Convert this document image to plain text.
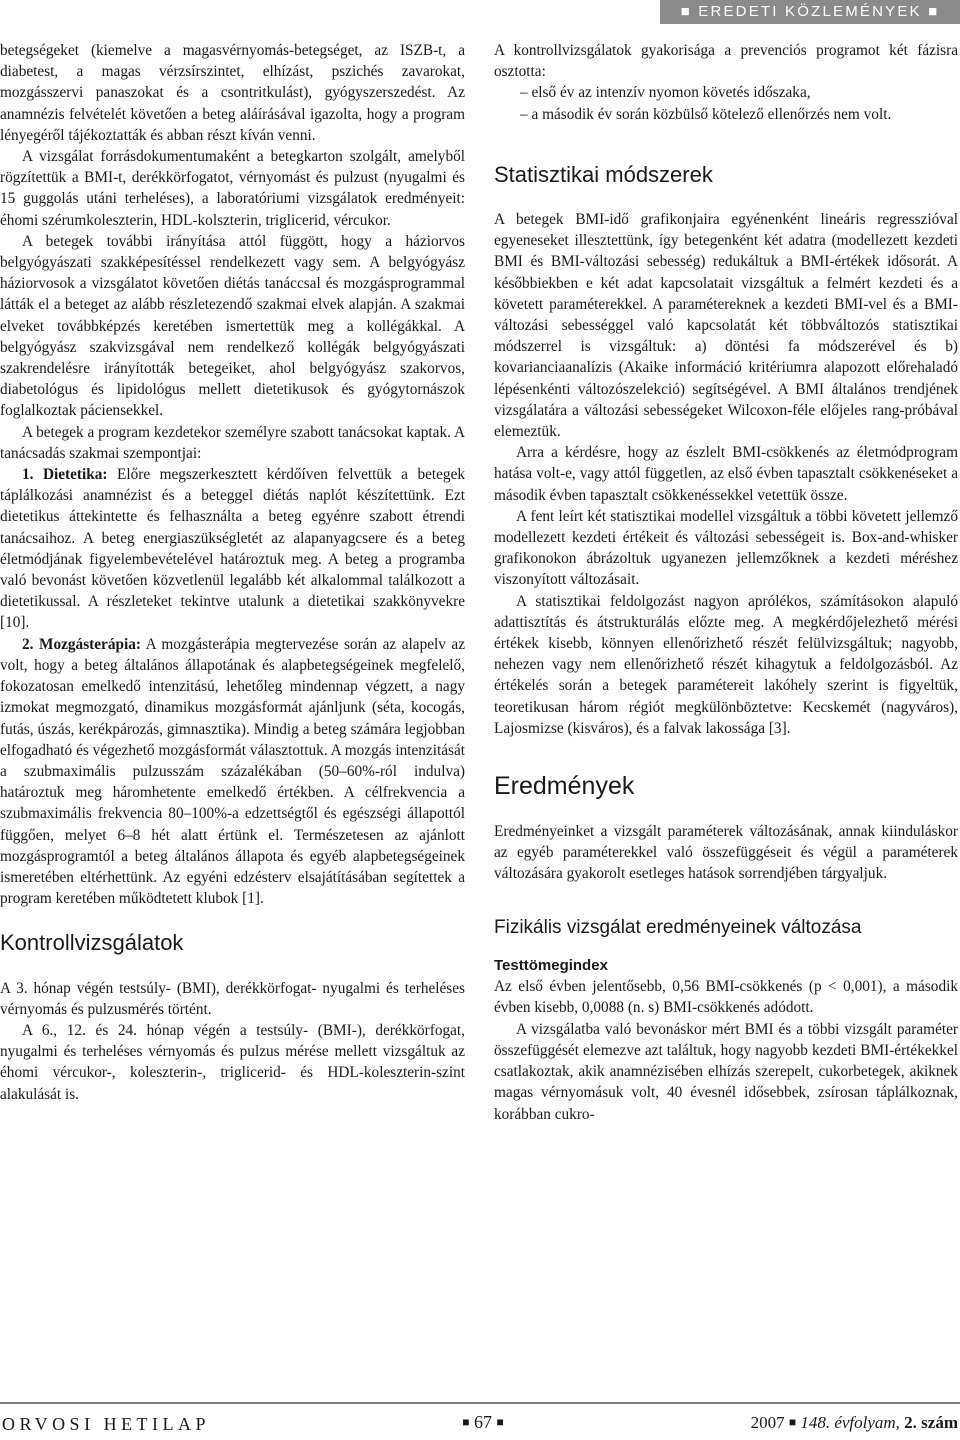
■ EREDETI KÖZLEMÉNYEK ■

betegségeket (kiemelve a magasvérnyomás-betegséget, az ISZB-t, a diabetest, a magas vérzsírszintet, elhízást, pszichés zavarokat, mozgásszervi panaszokat és a csontritkulást), gyógyszerszedést. Az anamnézis felvételét követően a beteg aláírásával igazolta, hogy a program lényegéről tájékoztatták és abban részt kíván venni.

A vizsgálat forrásdokumentumaként a betegkarton szolgált, amelyből rögzítettük a BMI-t, derékkörfogatot, vérnyomást és pulzust (nyugalmi és 15 guggolás utáni terheléses), a laboratóriumi vizsgálatok eredményeit: éhomi szérumkoleszterin, HDL-kolszterin, triglicerid, vércukor.

A betegek további irányítása attól függött, hogy a háziorvos belgyógyászati szakképesítéssel rendelkezett vagy sem. A belgyógyász háziorvosok a vizsgálatot követően diétás tanáccsal és mozgásprogrammal látták el a beteget az alább részletezendő szakmai elvek alapján. A szakmai elveket továbbképzés keretében ismertettük meg a kollégákkal. A belgyógyász szakvizsgával nem rendelkező kollégák belgyógyászati szakrendelésre irányították betegeiket, ahol belgyógyász szakorvos, diabetológus és lipidológus mellett dietetikusok és gyógytornászok foglalkoztak páciensekkel.

A betegek a program kezdetekor személyre szabott tanácsokat kaptak. A tanácsadás szakmai szempontjai:

1. Dietetika: Előre megszerkesztett kérdőíven felvettük a betegek táplálkozási anamnézist és a beteggel diétás naplót készítettünk. Ezt dietetikus áttekintette és felhasználta a beteg egyénre szabott étrendi tanácsaihoz. A beteg energiaszükségletét az alapanyagcsere és a beteg életmódjának figyelembevételével határoztuk meg. A beteg a programba való bevonást követően közvetlenül legalább két alkalommal találkozott a dietetikussal. A részleteket tekintve utalunk a dietetikai szakkönyvekre [10].

2. Mozgásterápia: A mozgásterápia megtervezése során az alapelv az volt, hogy a beteg általános állapotának és alapbetegségeinek megfelelő, fokozatosan emelkedő intenzitású, lehetőleg mindennap végzett, a nagy izmokat megmozgató, dinamikus mozgásformát ajánljunk (séta, kocogás, futás, úszás, kerékpározás, gimnasztika). Mindig a beteg számára legjobban elfogadható és végezhető mozgásformát választottuk. A mozgás intenzitását a szubmaximális pulzusszám százalékában (50–60%-ról indulva) határoztuk meg háromhetente emelkedő értékben. A célfrekvencia a szubmaximális frekvencia 80–100%-a edzettségtől és egészségi állapottól függően, melyet 6–8 hét alatt értünk el. Természetesen az ajánlott mozgásprogramtól a beteg általános állapota és egyéb alapbetegségeinek ismeretében eltérhettünk. Az egyéni edzésterv elsajátításában segítettek a program keretében működtetett klubok [1].

Kontrollvizsgálatok

A 3. hónap végén testsúly- (BMI), derékkörfogat- nyugalmi és terheléses vérnyomás és pulzusmérés történt.

A 6., 12. és 24. hónap végén a testsúly- (BMI-), derékkörfogat, nyugalmi és terheléses vérnyomás és pulzus mérése mellett vizsgáltuk az éhomi vércukor-, koleszterin-, triglicerid- és HDL-koleszterin-szint alakulását is.

A kontrollvizsgálatok gyakorisága a prevenciós programot két fázisra osztotta:

– első év az intenzív nyomon követés időszaka,

– a második év során közbülső kötelező ellenőrzés nem volt.

Statisztikai módszerek

A betegek BMI-idő grafikonjaira egyénenként lineáris regresszióval egyeneseket illesztettünk, így betegenként két adatra (modellezett kezdeti BMI és BMI-változási sebesség) redukáltuk a BMI-értékek idősorát. A későbbiekben e két adat kapcsolatait vizsgáltuk a felmért kezdeti és a követett paraméterekkel. A paramétereknek a kezdeti BMI-vel és a BMI-változási sebességgel való kapcsolatát két többváltozós statisztikai módszerrel is vizsgáltuk: a) döntési fa módszerével és b) kovarianciaanalízis (Akaike információ kritériumra alapozott előrehaladó lépésenkénti változószelekció) segítségével. A BMI általános trendjének vizsgálatára a változási sebességeket Wilcoxon-féle előjeles rang-próbával elemeztük.

Arra a kérdésre, hogy az észlelt BMI-csökkenés az életmódprogram hatása volt-e, vagy attól független, az első évben tapasztalt csökkenéseket a második évben tapasztalt csökkenéssekkel vetettük össze.

A fent leírt két statisztikai modellel vizsgáltuk a többi követett jellemző modellezett kezdeti értékeit és változási sebességeit is. Box-and-whisker grafikonokon ábrázoltuk ugyanezen jellemzőknek a kezdeti méréshez viszonyított változásait.

A statisztikai feldolgozást nagyon aprólékos, számításokon alapuló adattisztítás és átstrukturálás előzte meg. A megkérdőjelezhető mérési értékek kisebb, könnyen ellenőrizhető részét felülvizsgáltuk; nagyobb, nehezen vagy nem ellenőrizhető részét kihagytuk a feldolgozásból. Az értékelés során a betegek paramétereit lakóhely szerint is figyeltük, teoretikusan három régiót megkülönböztetve: Kecskemét (nagyváros), Lajosmizse (kisváros), és a falvak lakossága [3].

Eredmények

Eredményeinket a vizsgált paraméterek változásának, annak kiinduláskor az egyéb paraméterekkel való összefüggéseit és végül a paraméterek változására gyakorolt esetleges hatások sorrendjében tárgyaljuk.

Fizikális vizsgálat eredményeinek változása
Testtömegindex

Az első évben jelentősebb, 0,56 BMI-csökkenés (p < 0,001), a második évben kisebb, 0,0088 (n. s) BMI-csökkenés adódott.

A vizsgálatba való bevonáskor mért BMI és a többi vizsgált paraméter összefüggését elemezve azt találtuk, hogy nagyobb kezdeti BMI-értékekkel csatlakoztak, akik anamnézisében elhízás szerepelt, cukorbetegek, akiknek magas vérnyomásuk volt, 40 évesnél idősebbek, zsírosan táplálkoznak, korábban cukro-

ORVOSI HETILAP	■ 67 ■	2007 ■ 148. évfolyam, 2. szám
